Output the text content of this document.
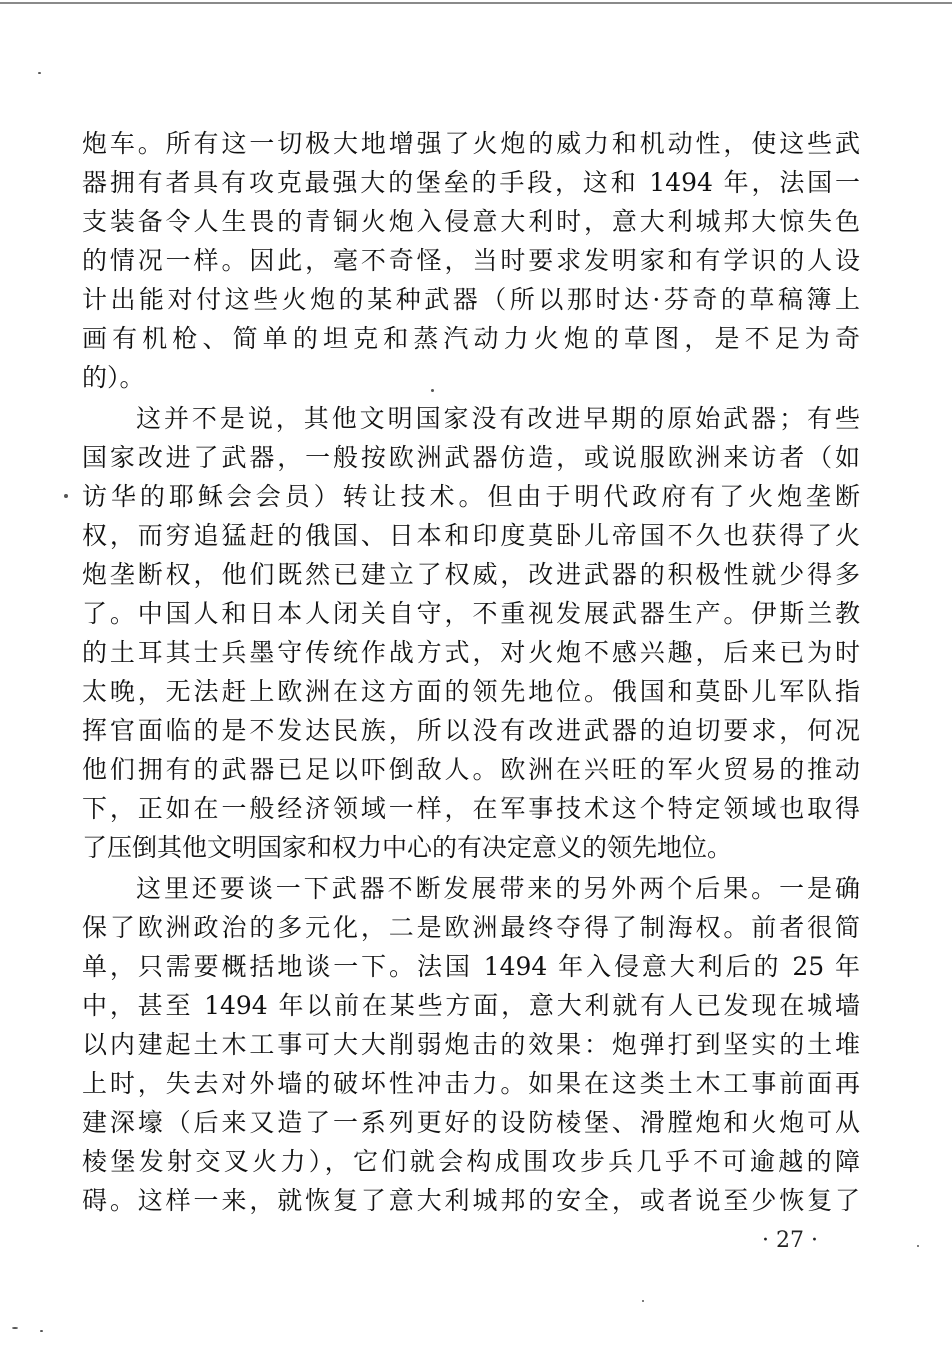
炮车。所有这一切极大地增强了火炮的威力和机动性，使这些武
器拥有者具有攻克最强大的堡垒的手段，这和 1494 年，法国一
支装备令人生畏的青铜火炮入侵意大利时，意大利城邦大惊失色
的情况一样。因此，毫不奇怪，当时要求发明家和有学识的人设
计出能对付这些火炮的某种武器（所以那时达·芬奇的草稿簿上
画有机枪、简单的坦克和蒸汽动力火炮的草图，是不足为奇
的）。
这并不是说，其他文明国家没有改进早期的原始武器；有些
国家改进了武器，一般按欧洲武器仿造，或说服欧洲来访者（如
访华的耶稣会会员）转让技术。但由于明代政府有了火炮垄断
权，而穷追猛赶的俄国、日本和印度莫卧儿帝国不久也获得了火
炮垄断权，他们既然已建立了权威，改进武器的积极性就少得多
了。中国人和日本人闭关自守，不重视发展武器生产。伊斯兰教
的土耳其士兵墨守传统作战方式，对火炮不感兴趣，后来已为时
太晚，无法赶上欧洲在这方面的领先地位。俄国和莫卧儿军队指
挥官面临的是不发达民族，所以没有改进武器的迫切要求，何况
他们拥有的武器已足以吓倒敌人。欧洲在兴旺的军火贸易的推动
下，正如在一般经济领域一样，在军事技术这个特定领域也取得
了压倒其他文明国家和权力中心的有决定意义的领先地位。
这里还要谈一下武器不断发展带来的另外两个后果。一是确
保了欧洲政治的多元化，二是欧洲最终夺得了制海权。前者很简
单，只需要概括地谈一下。法国 1494 年入侵意大利后的 25 年
中，甚至 1494 年以前在某些方面，意大利就有人已发现在城墙
以内建起土木工事可大大削弱炮击的效果：炮弹打到坚实的土堆
上时，失去对外墙的破坏性冲击力。如果在这类土木工事前面再
建深壕（后来又造了一系列更好的设防棱堡、滑膛炮和火炮可从
棱堡发射交叉火力），它们就会构成围攻步兵几乎不可逾越的障
碍。这样一来，就恢复了意大利城邦的安全，或者说至少恢复了
· 27 ·
